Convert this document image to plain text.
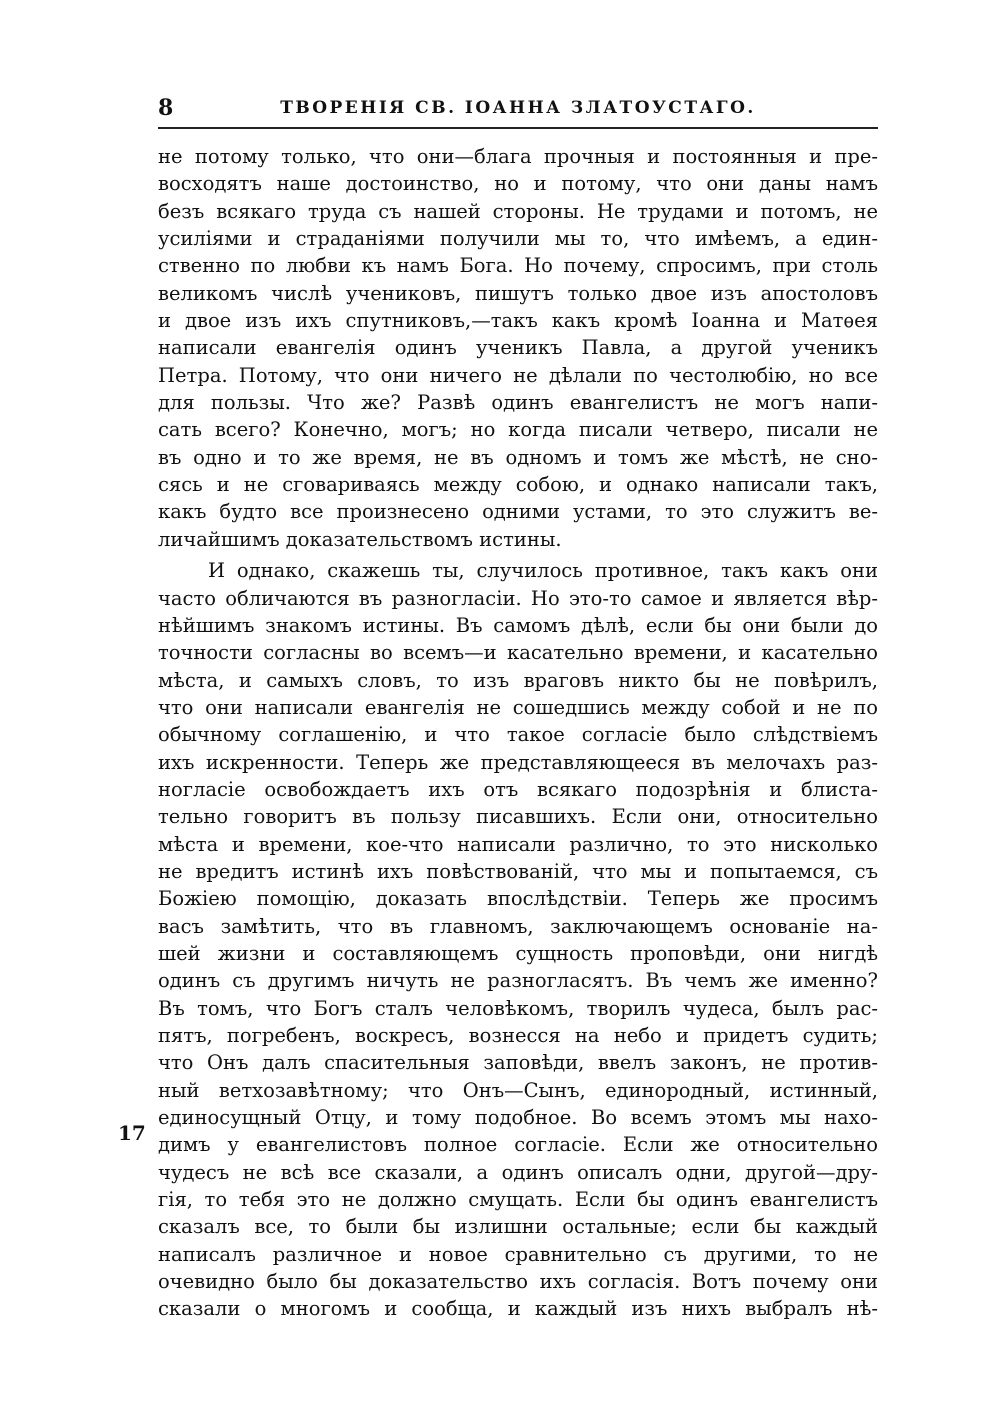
8	ТВОРЕНІЯ СВ. ІОАННА ЗЛАТОУСТАГО.
17
не потому только, что они—блага прочныя и постоянныя и пре-
восходятъ наше достоинство, но и потому, что они даны намъ
безъ всякаго труда съ нашей стороны. Не трудами и потомъ, не
усиліями и страданіями получили мы то, что имѣемъ, а един-
ственно по любви къ намъ Бога. Но почему, спросимъ, при столь
великомъ числѣ учениковъ, пишутъ только двое изъ апостоловъ
и двое изъ ихъ спутниковъ,—такъ какъ кромѣ Іоанна и Матѳея
написали евангелія одинъ ученикъ Павла, а другой ученикъ
Петра. Потому, что они ничего не дѣлали по честолюбію, но все
для пользы. Что же? Развѣ одинъ евангелистъ не могъ напи-
сать всего? Конечно, могъ; но когда писали четверо, писали не
въ одно и то же время, не въ одномъ и томъ же мѣстѣ, не сно-
сясь и не сговариваясь между собою, и однако написали такъ,
какъ будто все произнесено одними устами, то это служитъ ве-
личайшимъ доказательствомъ истины.
И однако, скажешь ты, случилось противное, такъ какъ они
часто обличаются въ разногласіи. Но это-то самое и является вѣр-
нѣйшимъ знакомъ истины. Въ самомъ дѣлѣ, если бы они были до
точности согласны во всемъ—и касательно времени, и касательно
мѣста, и самыхъ словъ, то изъ враговъ никто бы не повѣрилъ,
что они написали евангелія не сошедшись между собой и не по
обычному соглашенію, и что такое согласіе было слѣдствіемъ
ихъ искренности. Теперь же представляющееся въ мелочахъ раз-
ногласіе освобождаетъ ихъ отъ всякаго подозрѣнія и блиста-
тельно говоритъ въ пользу писавшихъ. Если они, относительно
мѣста и времени, кое-что написали различно, то это нисколько
не вредитъ истинѣ ихъ повѣствованій, что мы и попытаемся, съ
Божіею помощію, доказать впослѣдствіи. Теперь же просимъ
васъ замѣтить, что въ главномъ, заключающемъ основаніе на-
шей жизни и составляющемъ сущность проповѣди, они нигдѣ
одинъ съ другимъ ничуть не разногласятъ. Въ чемъ же именно?
Въ томъ, что Богъ сталъ человѣкомъ, творилъ чудеса, былъ рас-
пятъ, погребенъ, воскресъ, вознесся на небо и придетъ судить;
что Онъ далъ спасительныя заповѣди, ввелъ законъ, не против-
ный ветхозавѣтному; что Онъ—Сынъ, единородный, истинный,
единосущный Отцу, и тому подобное. Во всемъ этомъ мы нахо-
димъ у евангелистовъ полное согласіе. Если же относительно
чудесъ не всѣ все сказали, а одинъ описалъ одни, другой—дру-
гія, то тебя это не должно смущать. Если бы одинъ евангелистъ
сказалъ все, то были бы излишни остальные; если бы каждый
написалъ различное и новое сравнительно съ другими, то не
очевидно было бы доказательство ихъ согласія. Вотъ почему они
сказали о многомъ и сообща, и каждый изъ нихъ выбралъ нѣ-
